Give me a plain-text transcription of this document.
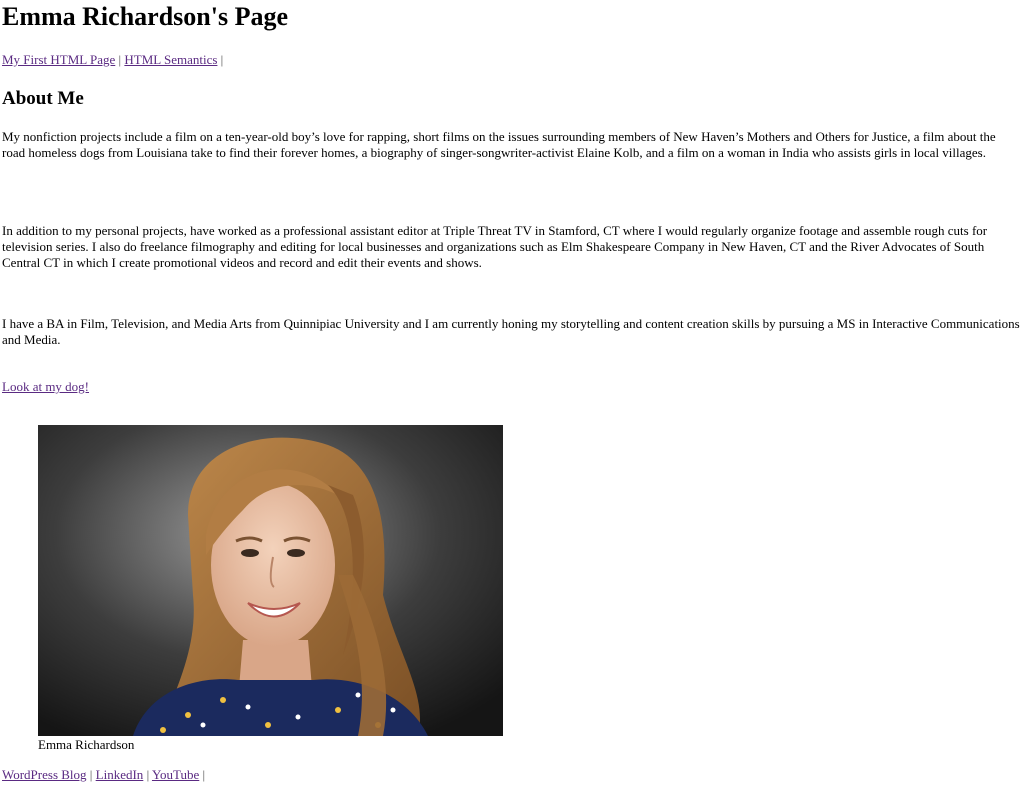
Emma Richardson's Page
My First HTML Page | HTML Semantics |
About Me

My nonfiction projects include a film on a ten-year-old boy’s love for rapping, short films on the issues surrounding members of New Haven’s Mothers and Others for Justice, a film about the road homeless dogs from Louisiana take to find their forever homes, a biography of singer-songwriter-activist Elaine Kolb, and a film on a woman in India who assists girls in local villages.

In addition to my personal projects, have worked as a professional assistant editor at Triple Threat TV in Stamford, CT where I would regularly organize footage and assemble rough cuts for television series. I also do freelance filmography and editing for local businesses and organizations such as Elm Shakespeare Company in New Haven, CT and the River Advocates of South Central CT in which I create promotional videos and record and edit their events and shows.

I have a BA in Film, Television, and Media Arts from Quinnipiac University and I am currently honing my storytelling and content creation skills by pursuing a MS in Interactive Communications and Media.

Look at my dog!
Emma Richardson
WordPress Blog | LinkedIn | YouTube |
